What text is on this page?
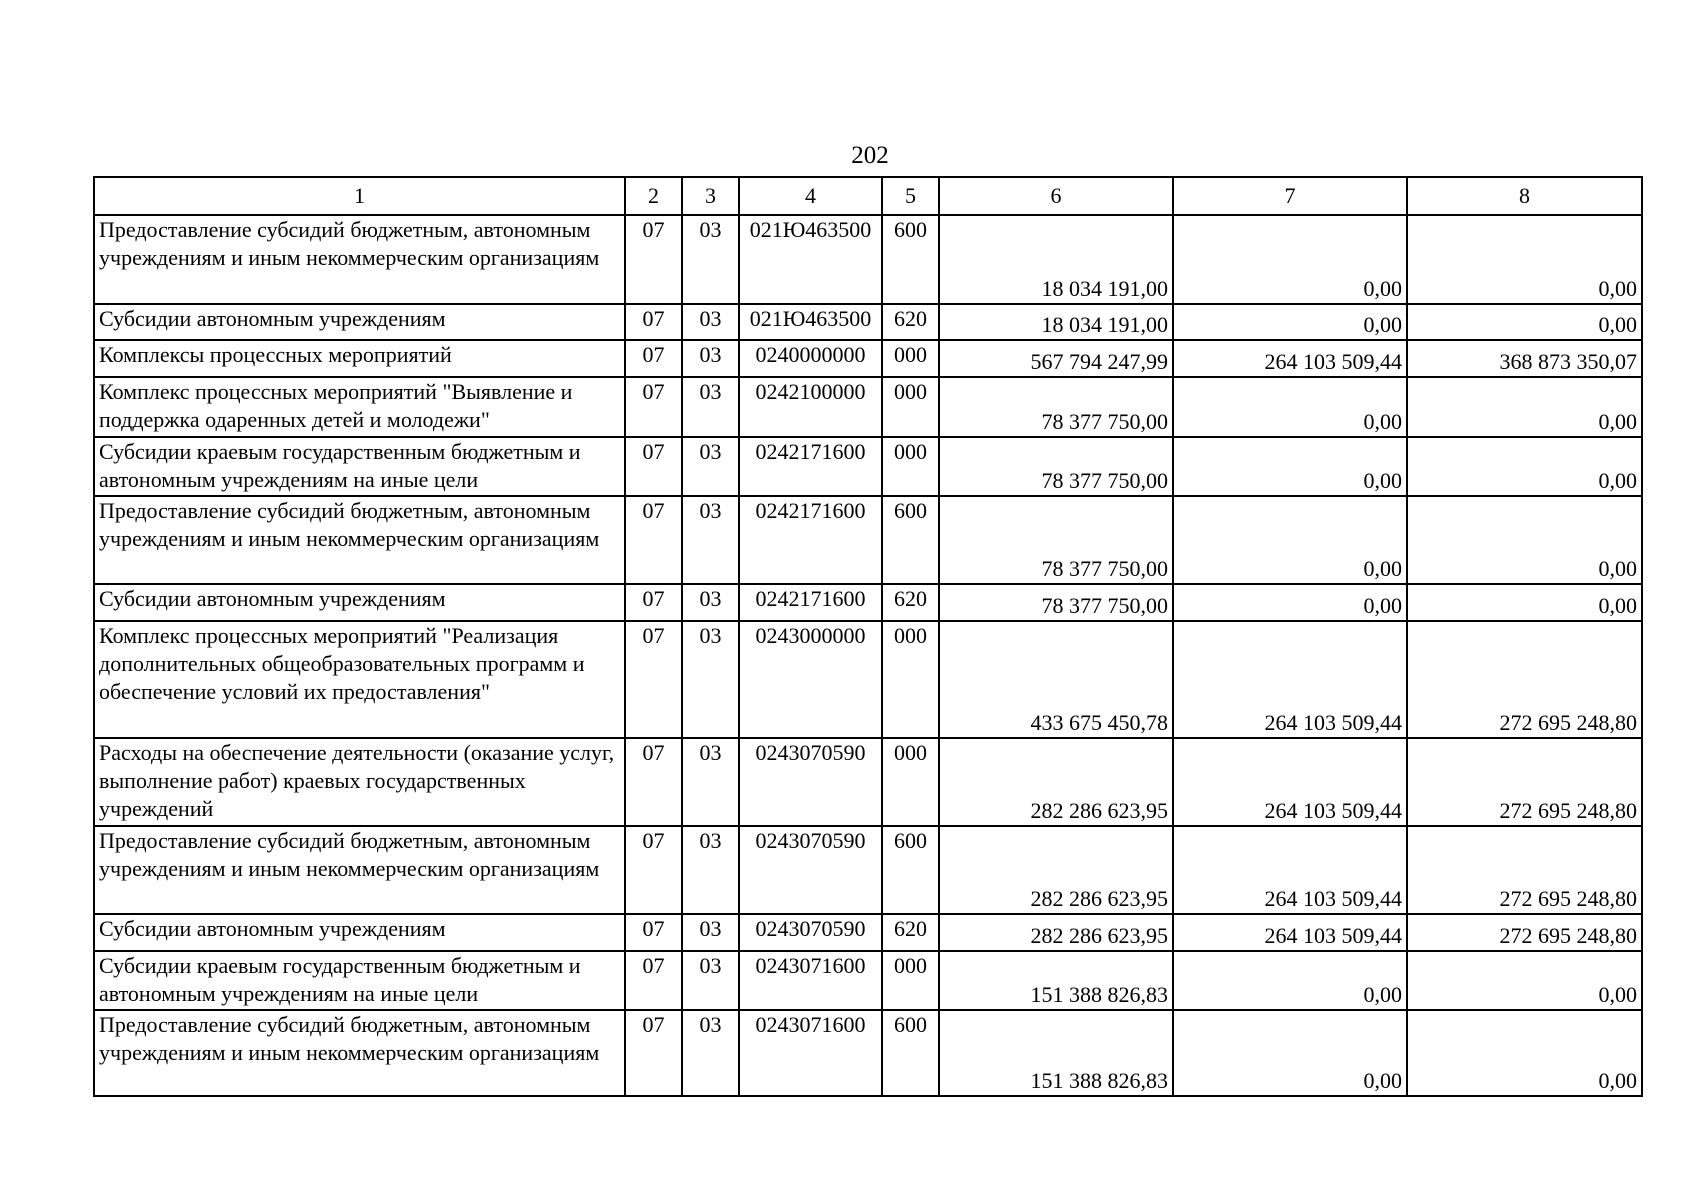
202
1	2	3	4	5	6	7	8
Предоставление субсидий бюджетным, автономным учреждениям и иным некоммерческим организациям	07	03	021Ю463500	600	18 034 191,00	0,00	0,00
Субсидии автономным учреждениям	07	03	021Ю463500	620	18 034 191,00	0,00	0,00
Комплексы процессных мероприятий	07	03	0240000000	000	567 794 247,99	264 103 509,44	368 873 350,07
Комплекс процессных мероприятий "Выявление и поддержка одаренных детей и молодежи"	07	03	0242100000	000	78 377 750,00	0,00	0,00
Субсидии краевым государственным бюджетным и автономным учреждениям на иные цели	07	03	0242171600	000	78 377 750,00	0,00	0,00
Предоставление субсидий бюджетным, автономным учреждениям и иным некоммерческим организациям	07	03	0242171600	600	78 377 750,00	0,00	0,00
Субсидии автономным учреждениям	07	03	0242171600	620	78 377 750,00	0,00	0,00
Комплекс процессных мероприятий "Реализация дополнительных общеобразовательных программ и обеспечение условий их предоставления"	07	03	0243000000	000	433 675 450,78	264 103 509,44	272 695 248,80
Расходы на обеспечение деятельности (оказание услуг, выполнение работ) краевых государственных учреждений	07	03	0243070590	000	282 286 623,95	264 103 509,44	272 695 248,80
Предоставление субсидий бюджетным, автономным учреждениям и иным некоммерческим организациям	07	03	0243070590	600	282 286 623,95	264 103 509,44	272 695 248,80
Субсидии автономным учреждениям	07	03	0243070590	620	282 286 623,95	264 103 509,44	272 695 248,80
Субсидии краевым государственным бюджетным и автономным учреждениям на иные цели	07	03	0243071600	000	151 388 826,83	0,00	0,00
Предоставление субсидий бюджетным, автономным учреждениям и иным некоммерческим организациям	07	03	0243071600	600	151 388 826,83	0,00	0,00
